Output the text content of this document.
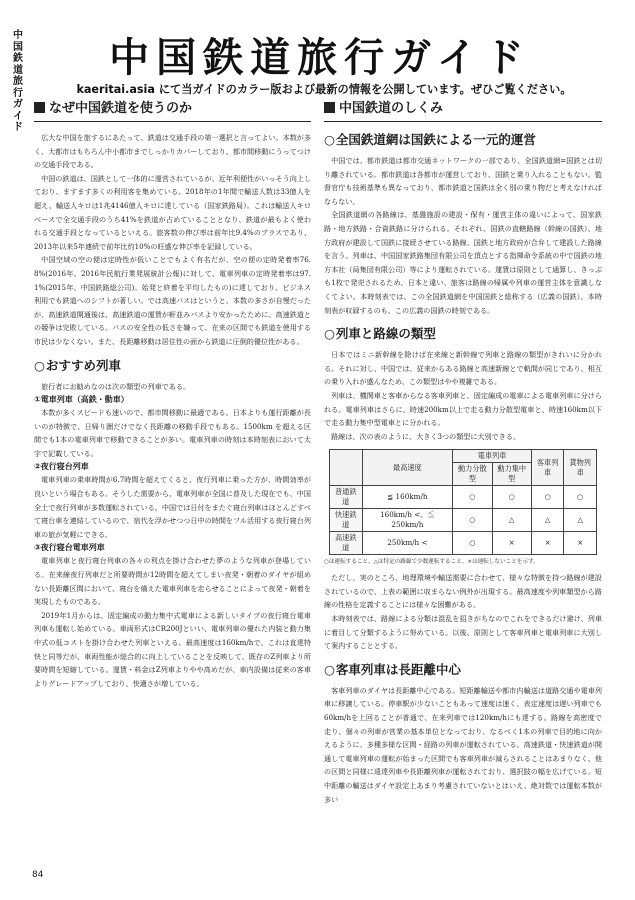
中
国
鉄
道
旅
行
ガ
イ
ド
中国鉄道旅行ガイド
kaeritai.asia にて当ガイドのカラー版および最新の情報を公開しています。ぜひご覧ください。
なぜ中国鉄道を使うのか

広大な中国を旅するにあたって、鉄道は交通手段の第一選択と言ってよい。本数が多く、大都市はもちろん中小都市までしっかりカバーしており、都市間移動にうってつけの交通手段である。

中国の鉄道は、国鉄として一体的に運営されているが、近年利便性がいっそう向上しており、ますます多くの利用客を集めている。2018年の1年間で輸送人数は33億人を超え、輸送人キロは1兆4146億人キロに達している（国家鉄路局）。これは輸送人キロベースで全交通手段のうち41%を鉄道が占めていることとなり、鉄道が最もよく使われる交通手段となっているといえる。旅客数の伸び率は前年比9.4%のプラスであり、2013年以来5年連続で前年比約10%の旺盛な伸び率を記録している。

中国空域の空の便は定時性が低いことでもよく有名だが、空の便の定時発着率76.8%(2016年。2016年民航行業発展統計公報)に対して、電車列車の定時発着率は97.1%(2015年。中国鉄路総公司)。始発と終着を平均したもの)に達しており、ビジネス利用でも鉄道へのシフトが著しい。では高速バスはというと、本数の多さが自慢だったが、高速鉄道開通後は、高速鉄道の運賃が軒並みバスより安かったために、高速鉄道との競争は完敗している。バスの安全性の低さを嫌って、在来の区間でも鉄道を使用する市民は少なくない。また、長距離移動は居住性の面から鉄道に圧倒的優位性がある。

○おすすめ列車

旅行者にお勧めなのは次の類型の列車である。

①電車列車（高鉄・動車）

本数が多くスピードも速いので、都市間移動に最適である。日本よりも運行距離が長いのが特徴で、日帰り圏だけでなく長距離の移動手段でもある。1500km を超える区間でも1本の電車列車で移動できることが多い。電車列車の時刻は本時刻表において太字で記載している。

②夜行寝台列車

電車列車の乗車時間が6.7時間を超えてくると、夜行列車に乗った方が、時間効率が良いという場合もある。そうした需要から、電車列車が全国に普及した現在でも、中国全土で夜行列車が多数運転されている。中国では日付をまたぐ寝台列車はほとんどすべて寝台車を連結しているので、宿代を浮かせつつ日中の時間をフル活用する夜行寝台列車の旅が気軽にできる。

③夜行寝台電車列車

電車列車と夜行寝台列車の各々の利点を掛け合わせた夢のような列車が登場している。在来線夜行列車だと所要時間が12時間を超えてしまい夜発・朝着のダイヤが組めない長距離区間において、寝台を備えた電車列車を走らせることによって夜発・朝着を実現したものである。

2019年1月からは、固定編成の動力集中式電車による新しいタイプの夜行寝台電車列車も運転し始めている。車両形式はCR200Jといい、電車列車の優れた内装と動力集中式の低コストを掛け合わせた列車といえる。最高速度は160km/hで、これは直達特快と同等だが、車両性能が総合的に向上していることを反映して、既存のZ列車より所要時間を短縮している。運賃・料金はZ列車よりやや高めだが、車内設備は従来の客車よりグレードアップしており、快適さが増している。

中国鉄道のしくみ
○全国鉄道網は国鉄による一元的運営

中国では、都市鉄道は都市交通ネットワークの一部であり、全国鉄道網=国鉄とは切り離されている。都市鉄道は各都市が運営しており、国鉄と乗り入れることもない。監督官庁も技術基準も異なっており、都市鉄道と国鉄は全く別の乗り物だと考えなければならない。

全国鉄道網の各路線は、基盤施設の建設・保有・運営主体の違いによって、国家鉄路・地方鉄路・合資鉄路に分けられる。それぞれ、国鉄の直轄路線（幹線の国鉄）、地方政府が建設して国鉄に接続させている路線、国鉄と地方政府が合弁して建設した路線を言う。列車は、中国国家鉄路集団有限公司を頂点とする指揮命令系統の中で国鉄の地方本社（局集団有限公司）等により運転されている。運賃は原則として通算し、きっぷも1枚で発売されるため、日本と違い、旅客は路線の帰属や列車の運営主体を意識しなくてよい。本時刻表では、この全国鉄道網を中国国鉄と総称する（広義の国鉄）。本時刻表が収録するのも、この広義の国鉄の時刻である。

○列車と路線の類型

日本ではミニ新幹線を除けば在来線と新幹線で列車と路線の類型がきれいに分かれる。それに対し、中国では、従来からある路線と高速新線とで軌間が同じであり、相互の乗り入れが盛んなため、この類型はやや複雑である。

列車は、機関車と客車からなる客車列車と、固定編成の電車による電車列車に分けられる。電車列車はさらに、時速200km以上で走る動力分散型電車と、時速160km以下で走る動力集中型電車とに分かれる。

路線は、次の表のように、大きく3つの類型に大別できる。

	最高速度	電車列車		客車列車	貨物列車
		動力分散型	動力集中型		
普通鉄道	≦ 160km/h	○	○	○	○
快速鉄道	160km/h <、≦ 250km/h	○	△	△	△
高速鉄道	250km/h <	○	×	×	×
○は運転すること、△は特定の路線で少数運転すること、×は運転しないことを示す。

ただし、実のところ、地理環境や輸送需要に合わせて、様々な特徴を持つ路線が建設されているので、上表の範囲に収まらない例外が出現する。最高速度や列車類型から路線の性格を定義することには様々な困難がある。

本時刻表では、路線による分類は混乱を招きがちなのでこれをできるだけ避け、列車に着目して分類するように努めている。以後、原則として客車列車と電車列車に大別して案内することとする。

○客車列車は長距離中心

客車列車のダイヤは長距離中心である。短距離輸送や都市内輸送は道路交通や電車列車に移譲している。停車駅が少ないこともあって速度は速く、表定速度は遅い列車でも60km/hを上回ることが普通で、在来列車では120km/hにも達する。路線を高密度で走り、個々の列車が営業の基本単位となっており、なるべく1本の列車で目的地に向かえるように、多種多様な区間・経路の列車が運転されている。高速鉄道・快速鉄道が開通して電車列車の運転が始まった区間でも客車列車が減らされることはあまりなく、他の区間と同様に遠達列車や長距離列車が運転されており、選択肢の幅を広げている。短中距離の輸送はダイヤ設定上あまり考慮されていないとはいえ、絶対数では運転本数が多い

84
